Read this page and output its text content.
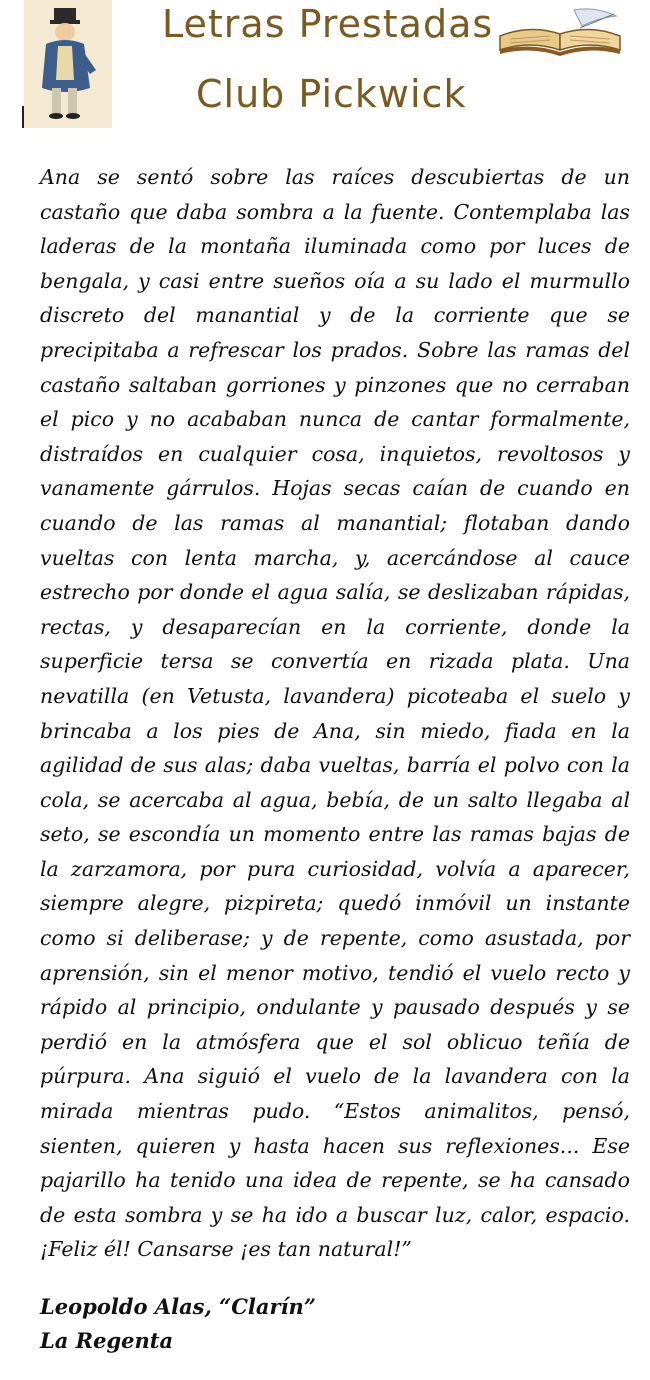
Letras Prestadas
Club Pickwick
Ana se sentó sobre las raíces descubiertas de un castaño que daba sombra a la fuente. Contemplaba las laderas de la montaña iluminada como por luces de bengala, y casi entre sueños oía a su lado el murmullo discreto del manantial y de la corriente que se precipitaba a refrescar los prados. Sobre las ramas del castaño saltaban gorriones y pinzones que no cerraban el pico y no acababan nunca de cantar formalmente, distraídos en cualquier cosa, inquietos, revoltosos y vanamente gárrulos. Hojas secas caían de cuando en cuando de las ramas al manantial; flotaban dando vueltas con lenta marcha, y, acercándose al cauce estrecho por donde el agua salía, se deslizaban rápidas, rectas, y desaparecían en la corriente, donde la superficie tersa se convertía en rizada plata. Una nevatilla (en Vetusta, lavandera) picoteaba el suelo y brincaba a los pies de Ana, sin miedo, fiada en la agilidad de sus alas; daba vueltas, barría el polvo con la cola, se acercaba al agua, bebía, de un salto llegaba al seto, se escondía un momento entre las ramas bajas de la zarzamora, por pura curiosidad, volvía a aparecer, siempre alegre, pizpireta; quedó inmóvil un instante como si deliberase; y de repente, como asustada, por aprensión, sin el menor motivo, tendió el vuelo recto y rápido al principio, ondulante y pausado después y se perdió en la atmósfera que el sol oblicuo teñía de púrpura. Ana siguió el vuelo de la lavandera con la mirada mientras pudo. “Estos animalitos, pensó, sienten, quieren y hasta hacen sus reflexiones... Ese pajarillo ha tenido una idea de repente, se ha cansado de esta sombra y se ha ido a buscar luz, calor, espacio. ¡Feliz él! Cansarse ¡es tan natural!”
Leopoldo Alas, “Clarín”
La Regenta
